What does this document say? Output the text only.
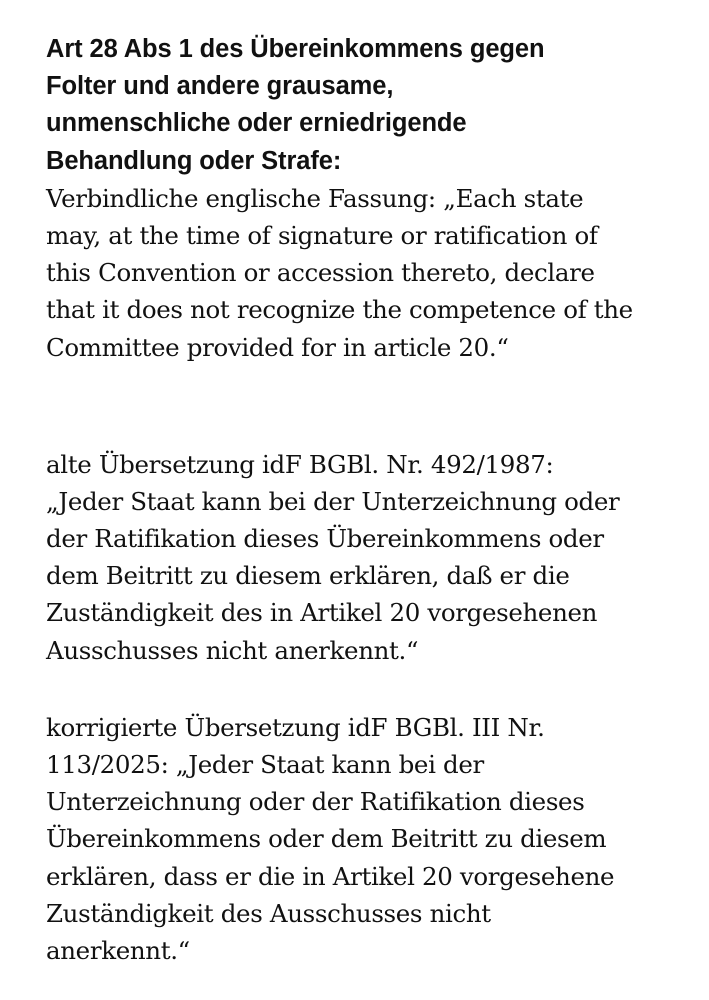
Art 28 Abs 1 des Übereinkommens gegen
Folter und andere grausame,
unmenschliche oder erniedrigende
Behandlung oder Strafe:
Verbindliche englische Fassung: „Each state
may, at the time of signature or ratification of
this Convention or accession thereto, declare
that it does not recognize the competence of the
Committee provided for in article 20.“
alte Übersetzung idF BGBl. Nr. 492/1987:
„Jeder Staat kann bei der Unterzeichnung oder
der Ratifikation dieses Übereinkommens oder
dem Beitritt zu diesem erklären, daß er die
Zuständigkeit des in Artikel 20 vorgesehenen
Ausschusses nicht anerkennt.“
korrigierte Übersetzung idF BGBl. III Nr.
113/2025: „Jeder Staat kann bei der
Unterzeichnung oder der Ratifikation dieses
Übereinkommens oder dem Beitritt zu diesem
erklären, dass er die in Artikel 20 vorgesehene
Zuständigkeit des Ausschusses nicht
anerkennt.“
